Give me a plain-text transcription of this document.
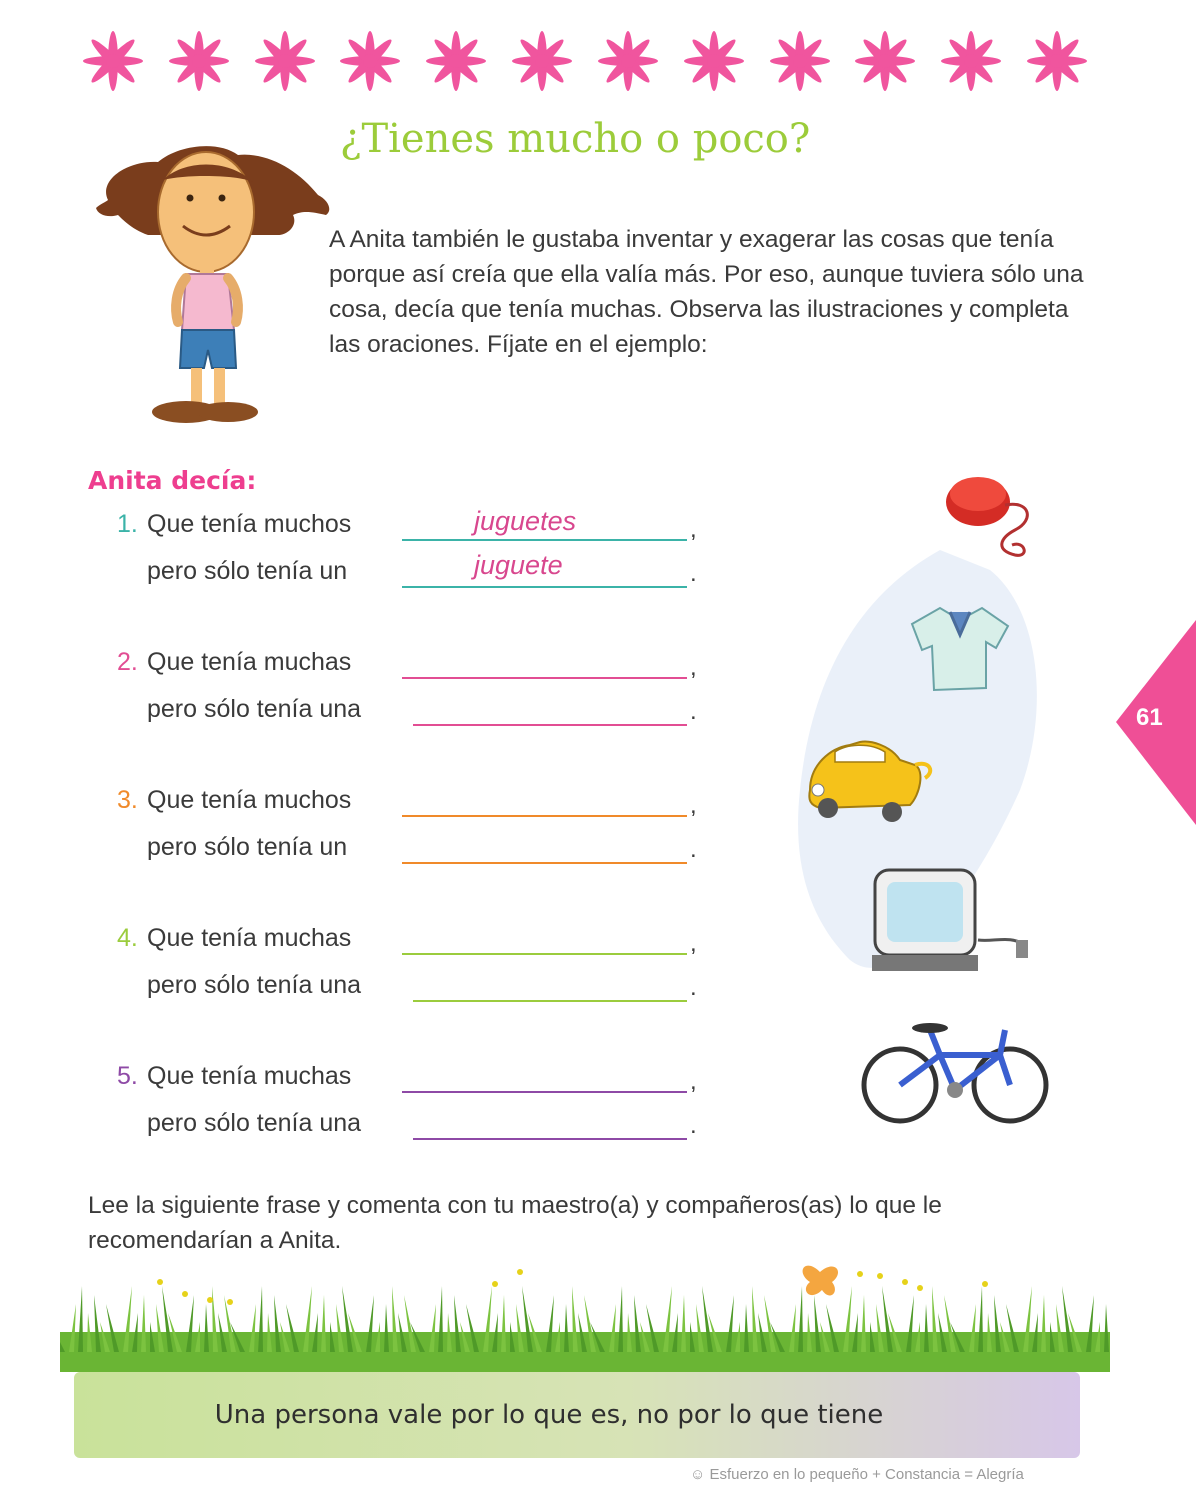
¿Tienes mucho o poco?
A Anita también le gustaba inventar y exagerar las cosas que tenía porque así creía que ella valía más. Por eso, aunque tuviera sólo una cosa, decía que tenía muchas. Observa las ilustraciones y completa las oraciones. Fíjate en el ejemplo:
Anita decía:
1. Que tenía muchos
pero sólo tenía un
,
.
juguetes
juguete
2. Que tenía muchas
pero sólo tenía una
,
.
3. Que tenía muchos
pero sólo tenía un
,
.
4. Que tenía muchas
pero sólo tenía una
,
.
5. Que tenía muchas
pero sólo tenía una
,
.
61
Lee la siguiente frase y comenta con tu maestro(a) y compañeros(as) lo que le recomendarían a Anita.
Una persona vale por lo que es, no por lo que tiene
☺ Esfuerzo en lo pequeño + Constancia = Alegría
